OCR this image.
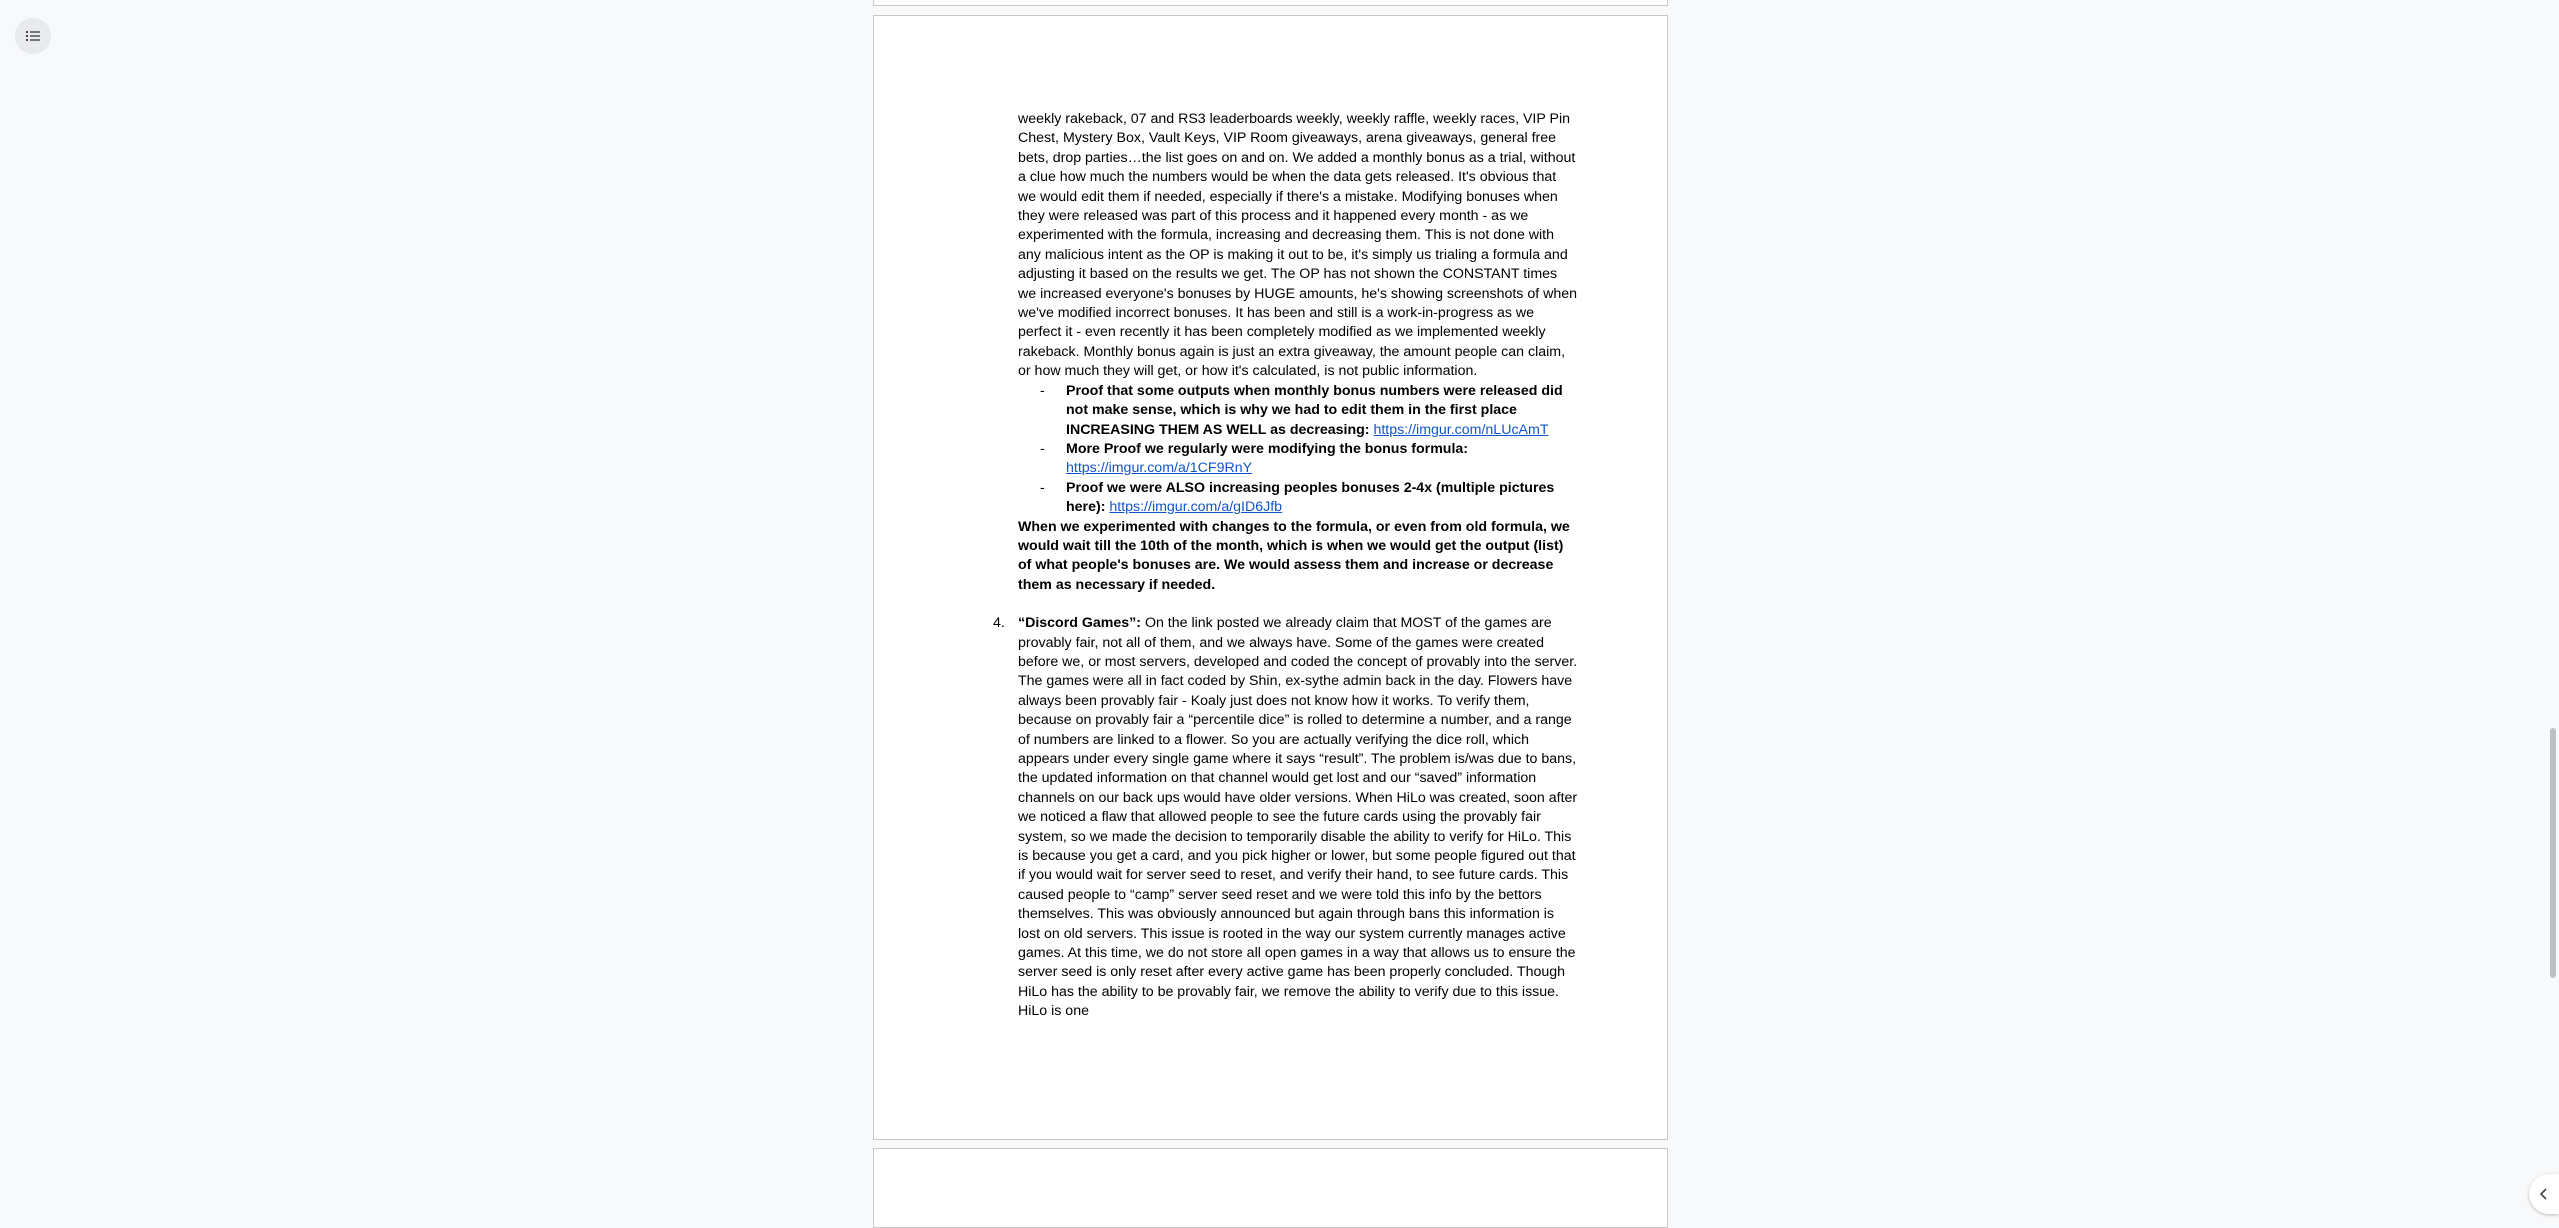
weekly rakeback, 07 and RS3 leaderboards weekly, weekly raffle, weekly races, VIP Pin Chest, Mystery Box, Vault Keys, VIP Room giveaways, arena giveaways, general free bets, drop parties…the list goes on and on. We added a monthly bonus as a trial, without a clue how much the numbers would be when the data gets released. It's obvious that we would edit them if needed, especially if there's a mistake. Modifying bonuses when they were released was part of this process and it happened every month - as we experimented with the formula, increasing and decreasing them. This is not done with any malicious intent as the OP is making it out to be, it's simply us trialing a formula and adjusting it based on the results we get. The OP has not shown the CONSTANT times we increased everyone's bonuses by HUGE amounts, he's showing screenshots of when we've modified incorrect bonuses. It has been and still is a work-in-progress as we perfect it - even recently it has been completely modified as we implemented weekly rakeback. Monthly bonus again is just an extra giveaway, the amount people can claim, or how much they will get, or how it's calculated, is not public information.

- Proof that some outputs when monthly bonus numbers were released did not make sense, which is why we had to edit them in the first place INCREASING THEM AS WELL as decreasing: https://imgur.com/nLUcAmT
- More Proof we regularly were modifying the bonus formula: https://imgur.com/a/1CF9RnY
- Proof we were ALSO increasing peoples bonuses 2-4x (multiple pictures here): https://imgur.com/a/gID6Jfb

When we experimented with changes to the formula, or even from old formula, we would wait till the 10th of the month, which is when we would get the output (list) of what people's bonuses are. We would assess them and increase or decrease them as necessary if needed.

4. “Discord Games”: On the link posted we already claim that MOST of the games are provably fair, not all of them, and we always have. Some of the games were created before we, or most servers, developed and coded the concept of provably into the server. The games were all in fact coded by Shin, ex-sythe admin back in the day. Flowers have always been provably fair - Koaly just does not know how it works. To verify them, because on provably fair a “percentile dice” is rolled to determine a number, and a range of numbers are linked to a flower. So you are actually verifying the dice roll, which appears under every single game where it says “result”. The problem is/was due to bans, the updated information on that channel would get lost and our “saved” information channels on our back ups would have older versions. When HiLo was created, soon after we noticed a flaw that allowed people to see the future cards using the provably fair system, so we made the decision to temporarily disable the ability to verify for HiLo. This is because you get a card, and you pick higher or lower, but some people figured out that if you would wait for server seed to reset, and verify their hand, to see future cards. This caused people to “camp” server seed reset and we were told this info by the bettors themselves. This was obviously announced but again through bans this information is lost on old servers. This issue is rooted in the way our system currently manages active games. At this time, we do not store all open games in a way that allows us to ensure the server seed is only reset after every active game has been properly concluded. Though HiLo has the ability to be provably fair, we remove the ability to verify due to this issue. HiLo is one
